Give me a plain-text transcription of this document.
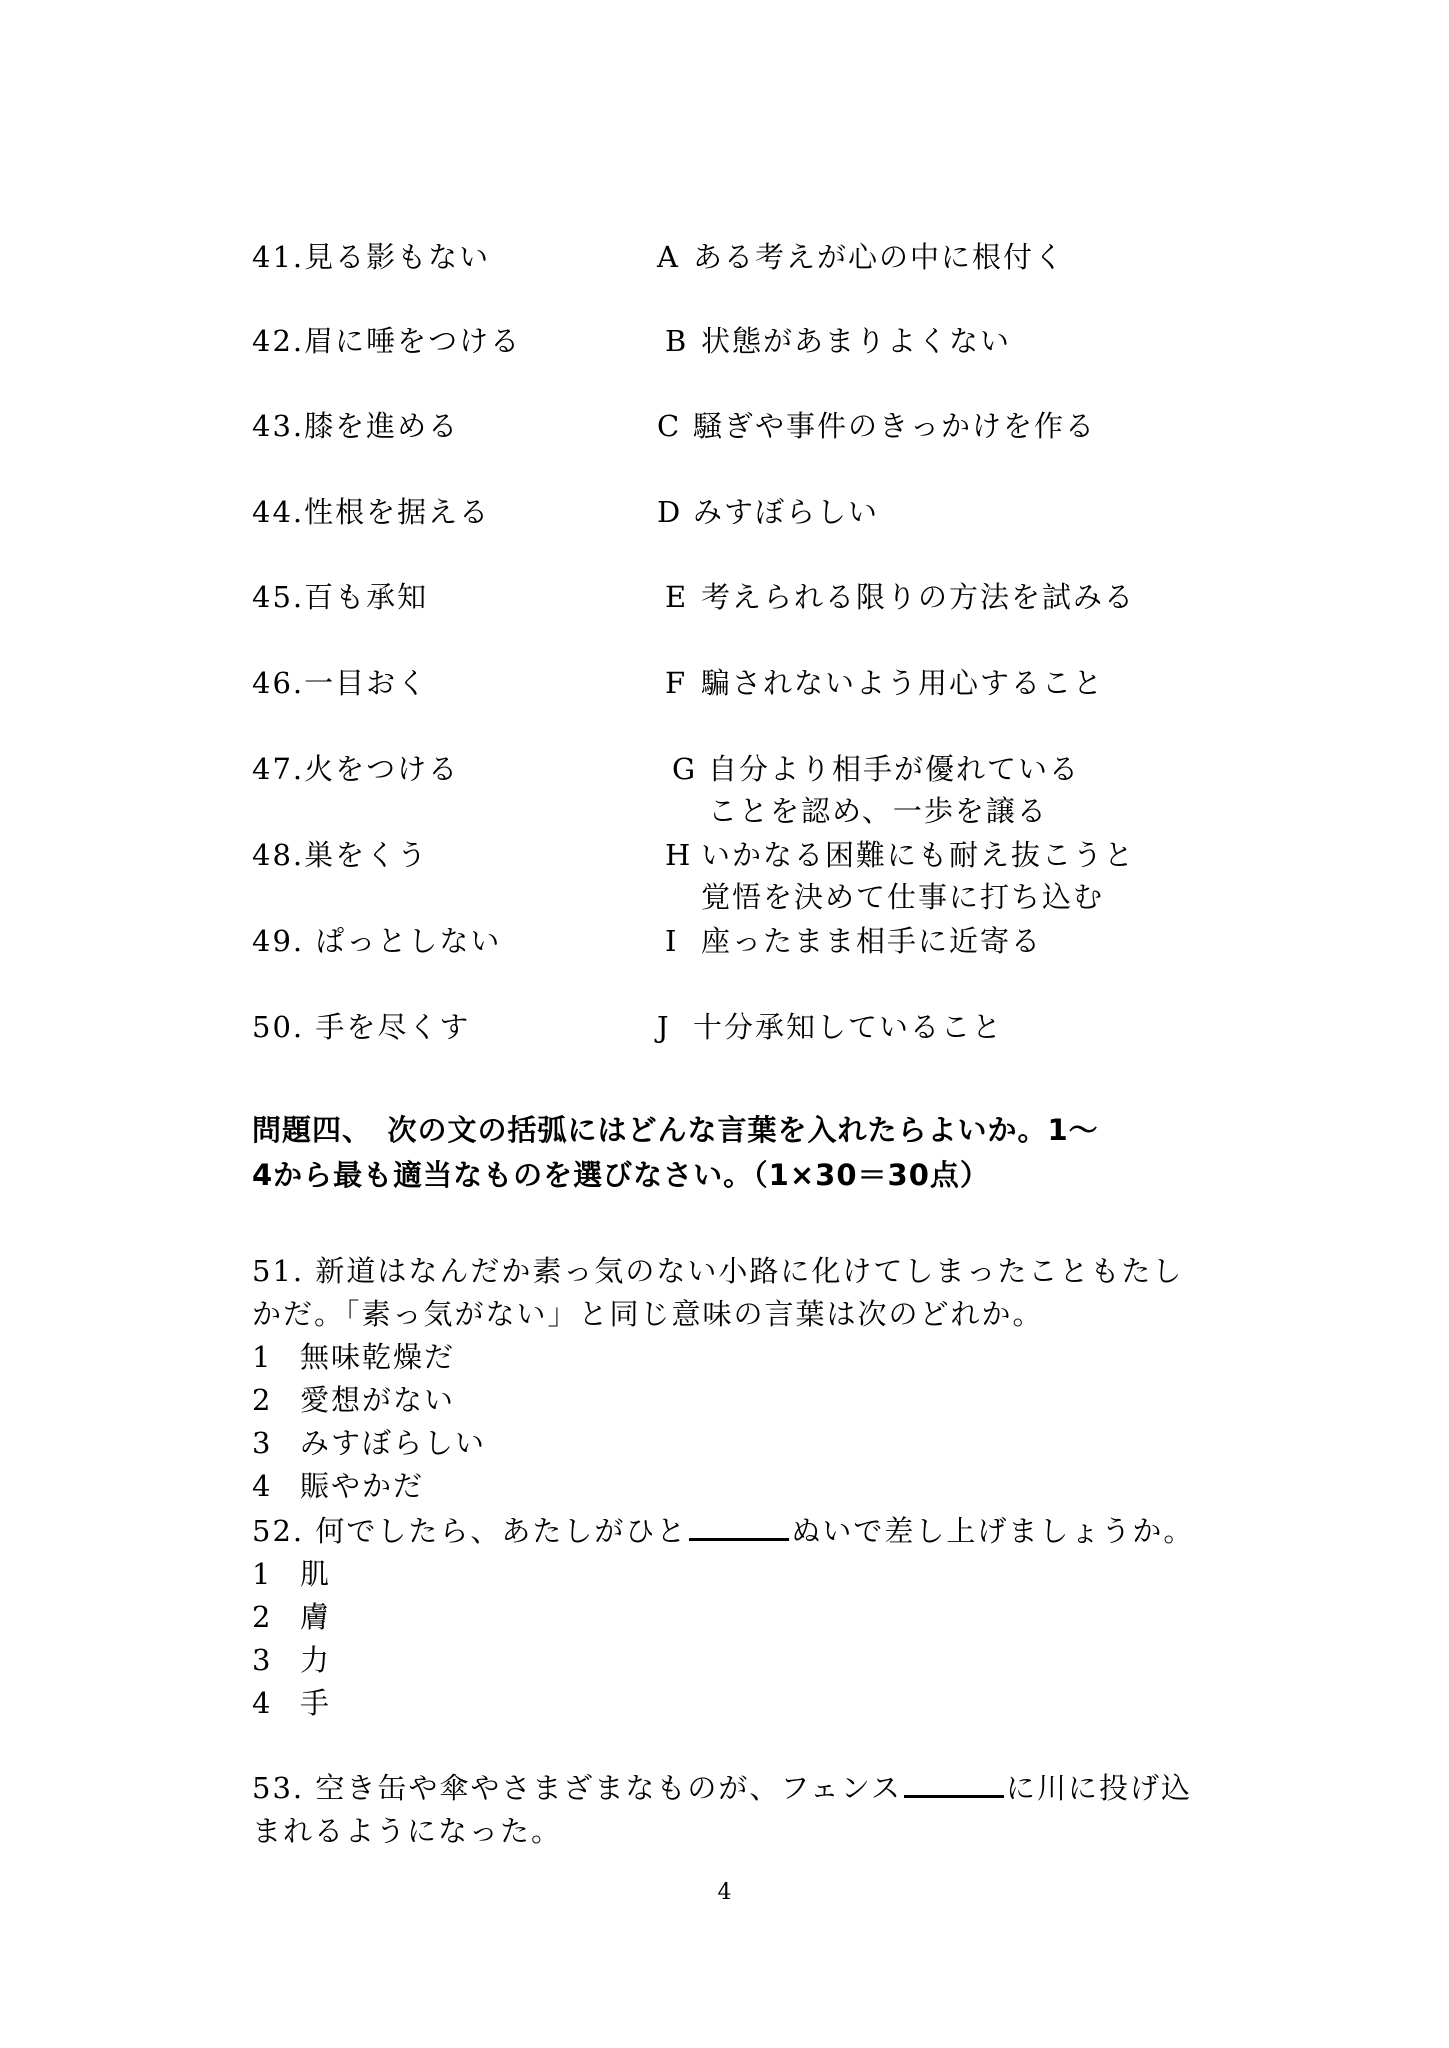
41.見る影もない	A ある考えが心の中に根付く
42.眉に唾をつける	B 状態があまりよくない
43.膝を進める	C 騒ぎや事件のきっかけを作る
44.性根を据える	D みすぼらしい
45.百も承知	E 考えられる限りの方法を試みる
46.一目おく	F 騙されないよう用心すること
47.火をつける	G 自分より相手が優れている
ことを認め、一歩を譲る
48.巣をくう	H いかなる困難にも耐え抜こうと
覚悟を決めて仕事に打ち込む
49. ぱっとしない	I 座ったまま相手に近寄る
50. 手を尽くす	J 十分承知していること
問題四、　次の文の括弧にはどんな言葉を入れたらよいか。1～
4から最も適当なものを選びなさい。（1×30＝30点）
51. 新道はなんだか素っ気のない小路に化けてしまったこともたしかだ。「素っ気がない」と同じ意味の言葉は次のどれか。
1 無味乾燥だ
2 愛想がない
3 みすぼらしい
4 賑やかだ
52. 何でしたら、あたしがひと	ぬいで差し上げましょうか。
1 肌
2 膚
3 力
4 手
53. 空き缶や傘やさまざまなものが、フェンス	に川に投げ込まれるようになった。
4
